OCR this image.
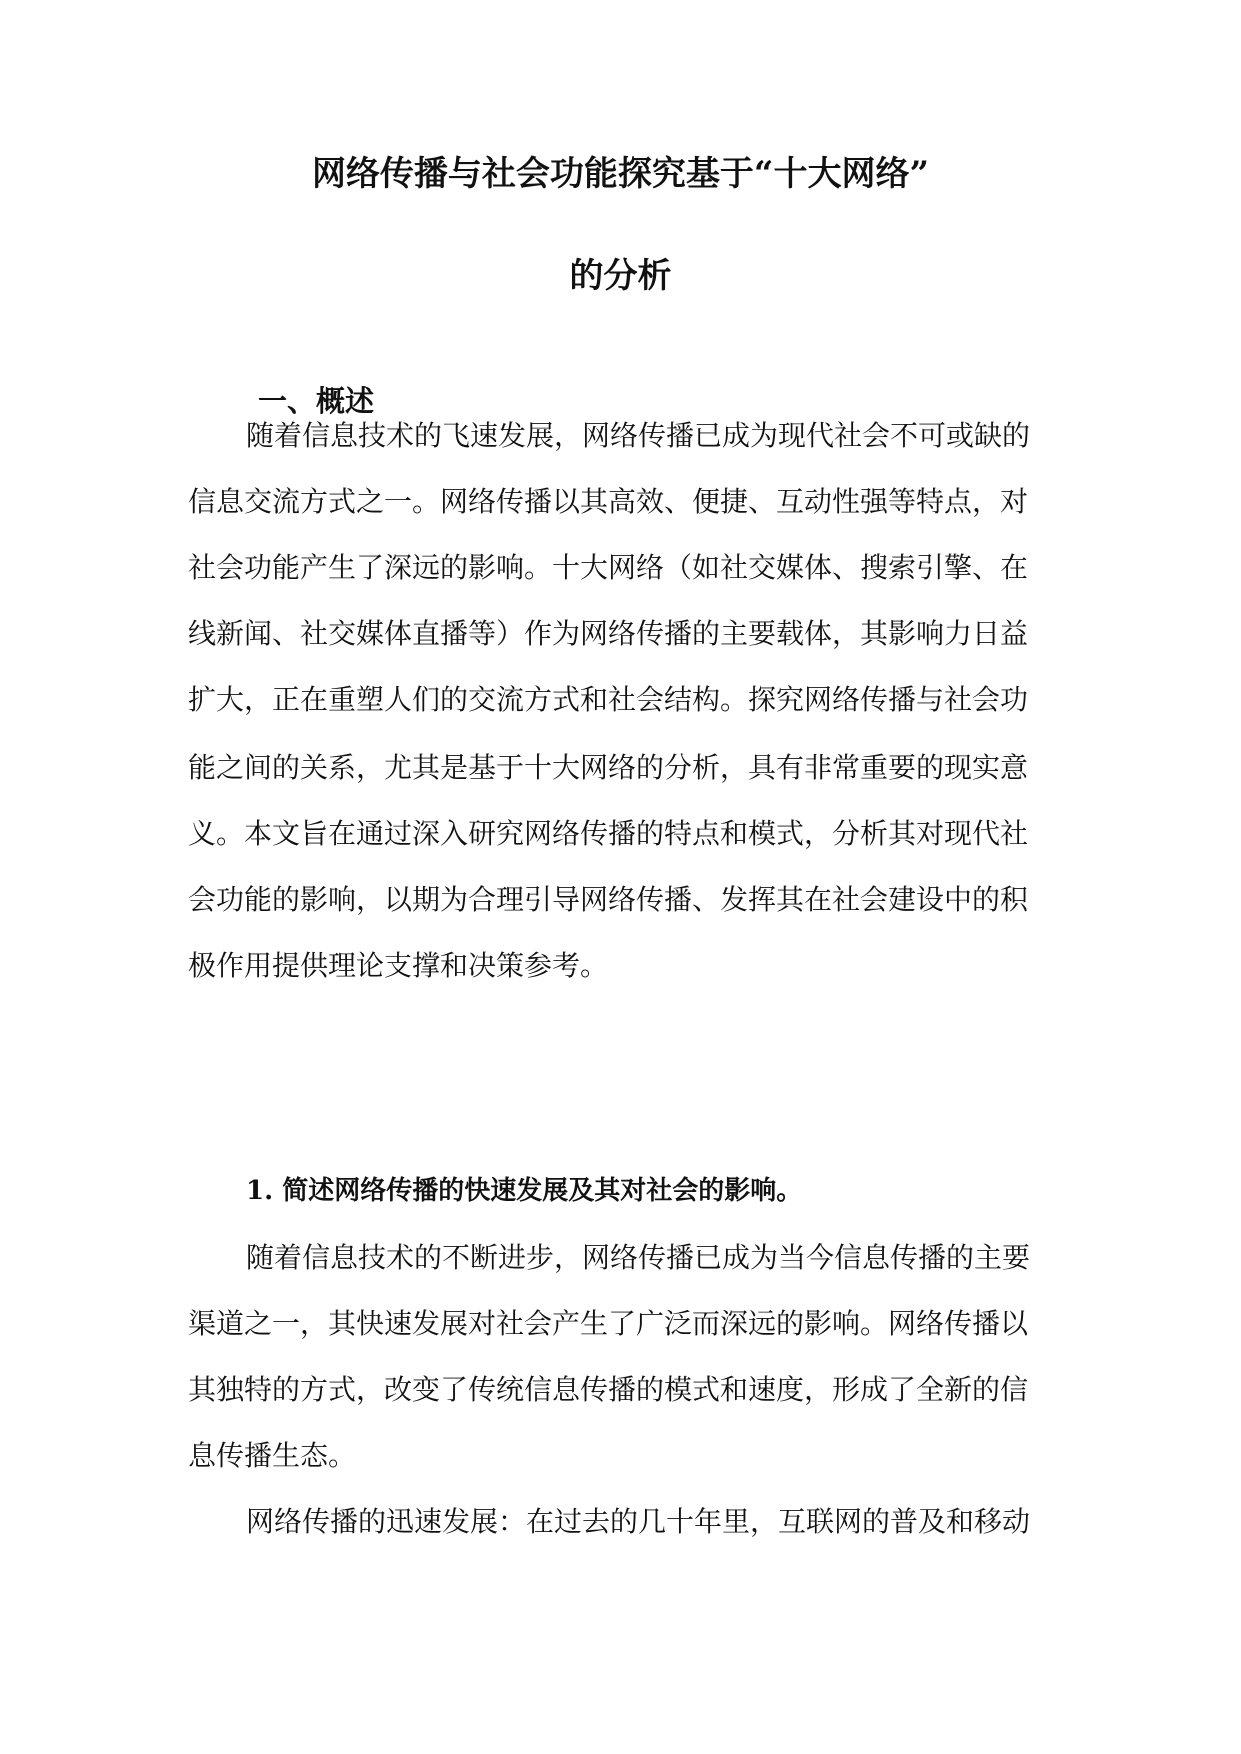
网络传播与社会功能探究基于“十大网络”
的分析
一、概述
随着信息技术的飞速发展，网络传播已成为现代社会不可或缺的
信息交流方式之一。网络传播以其高效、便捷、互动性强等特点，对
社会功能产生了深远的影响。十大网络（如社交媒体、搜索引擎、在
线新闻、社交媒体直播等）作为网络传播的主要载体，其影响力日益
扩大，正在重塑人们的交流方式和社会结构。探究网络传播与社会功
能之间的关系，尤其是基于十大网络的分析，具有非常重要的现实意
义。本文旨在通过深入研究网络传播的特点和模式，分析其对现代社
会功能的影响，以期为合理引导网络传播、发挥其在社会建设中的积
极作用提供理论支撑和决策参考。
1. 简述网络传播的快速发展及其对社会的影响。
随着信息技术的不断进步，网络传播已成为当今信息传播的主要
渠道之一，其快速发展对社会产生了广泛而深远的影响。网络传播以
其独特的方式，改变了传统信息传播的模式和速度，形成了全新的信
息传播生态。
网络传播的迅速发展：在过去的几十年里，互联网的普及和移动
